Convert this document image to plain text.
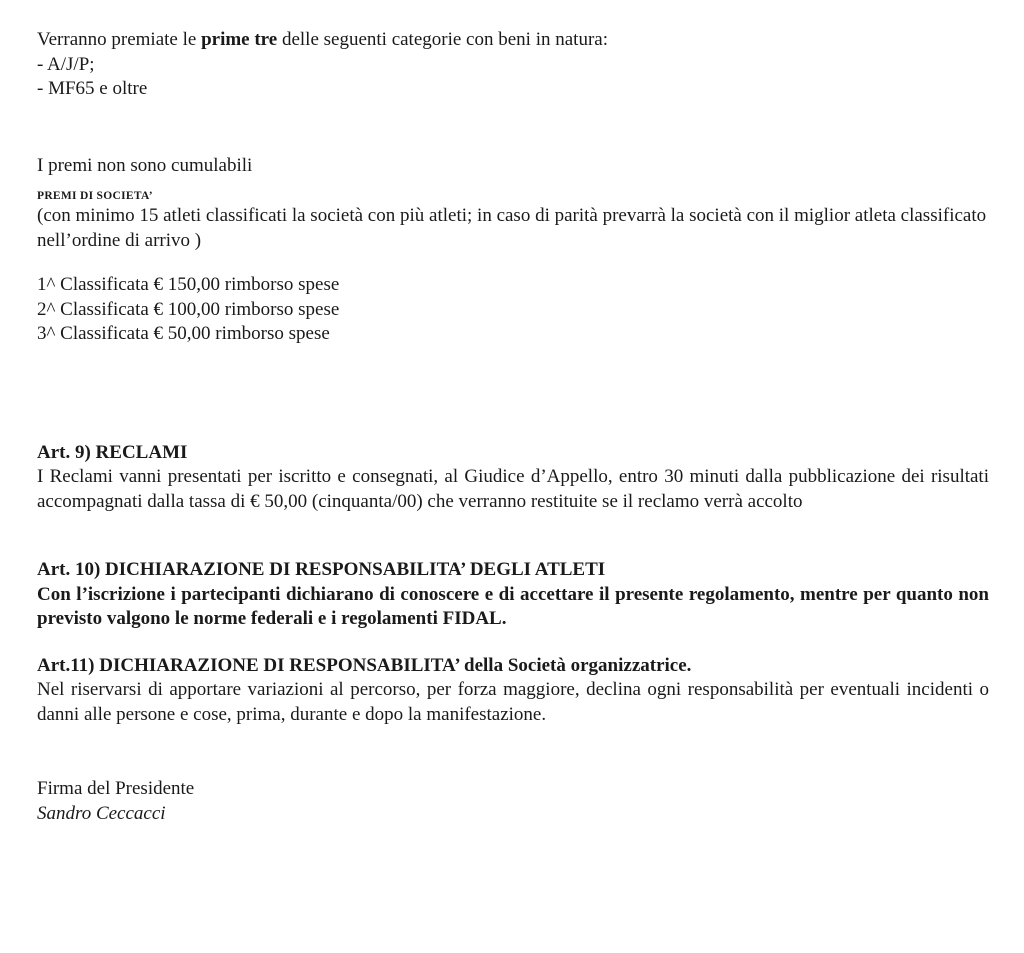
Verranno premiate le prime tre delle seguenti categorie con beni in natura:
- A/J/P;
- MF65 e oltre
I premi non sono cumulabili
PREMI DI SOCIETA’
(con minimo 15 atleti classificati la società con più atleti; in caso di parità prevarrà la società con il miglior atleta classificato nell’ordine di arrivo )
1^ Classificata € 150,00 rimborso spese
2^ Classificata € 100,00 rimborso spese
3^ Classificata € 50,00 rimborso spese
Art. 9) RECLAMI
I Reclami vanni presentati per iscritto e consegnati, al Giudice d’Appello, entro 30 minuti dalla pubblicazione dei risultati accompagnati dalla tassa di € 50,00 (cinquanta/00) che verranno restituite se il reclamo verrà accolto
Art. 10) DICHIARAZIONE DI RESPONSABILITA’ DEGLI ATLETI
Con l’iscrizione i partecipanti dichiarano di conoscere e di accettare il presente regolamento, mentre per quanto non previsto valgono le norme federali e i regolamenti FIDAL.
Art.11) DICHIARAZIONE DI RESPONSABILITA’ della Società organizzatrice.
Nel riservarsi di apportare variazioni al percorso, per forza maggiore, declina ogni responsabilità per eventuali incidenti o danni alle persone e cose, prima, durante e dopo la manifestazione.
Firma del Presidente
Sandro Ceccacci
